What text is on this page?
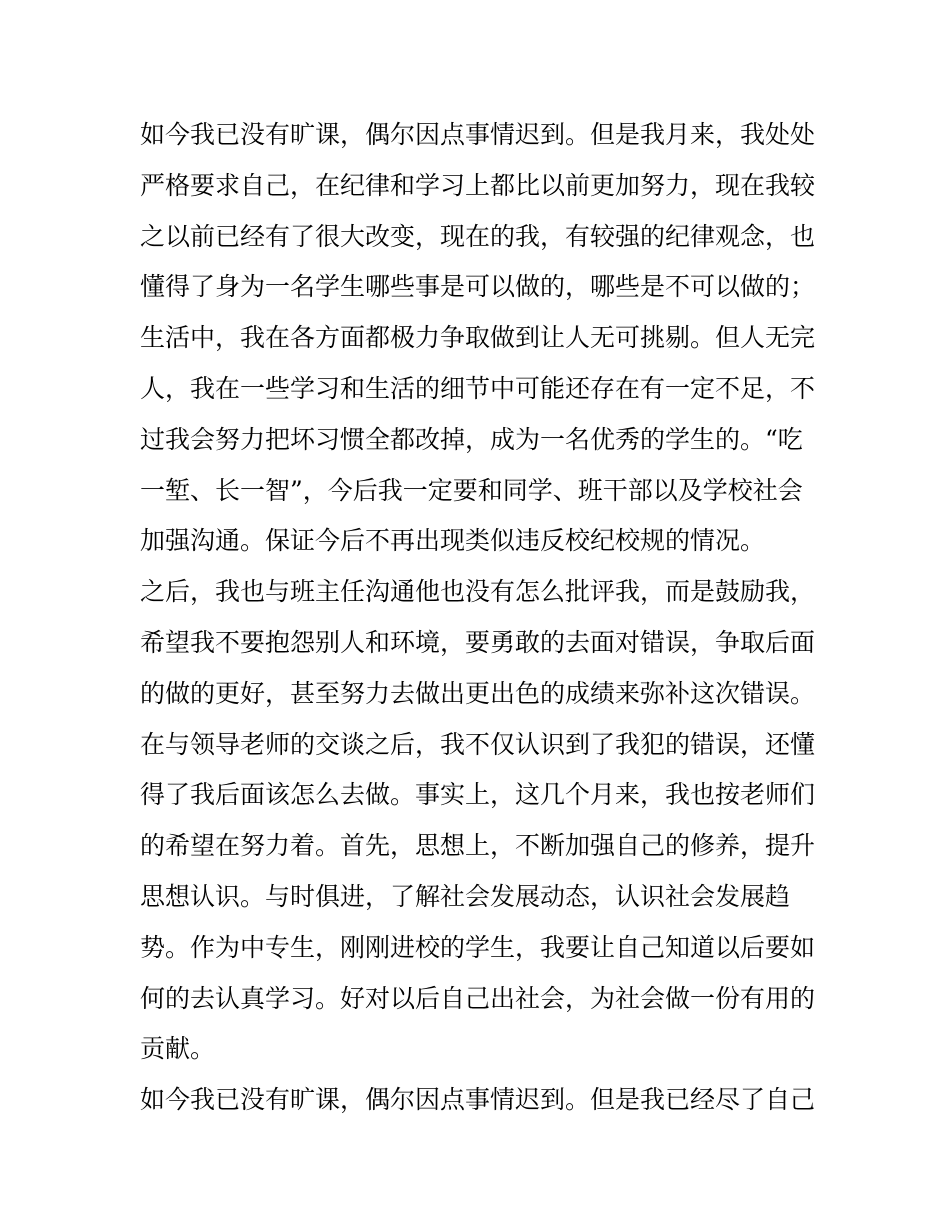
如今我已没有旷课，偶尔因点事情迟到。但是我月来，我处处
严格要求自己，在纪律和学习上都比以前更加努力，现在我较
之以前已经有了很大改变，现在的我，有较强的纪律观念，也
懂得了身为一名学生哪些事是可以做的，哪些是不可以做的；
生活中，我在各方面都极力争取做到让人无可挑剔。但人无完
人，我在一些学习和生活的细节中可能还存在有一定不足，不
过我会努力把坏习惯全都改掉，成为一名优秀的学生的。“吃
一堑、长一智”，今后我一定要和同学、班干部以及学校社会
加强沟通。保证今后不再出现类似违反校纪校规的情况。
之后，我也与班主任沟通他也没有怎么批评我，而是鼓励我，
希望我不要抱怨别人和环境，要勇敢的去面对错误，争取后面
的做的更好，甚至努力去做出更出色的成绩来弥补这次错误。
在与领导老师的交谈之后，我不仅认识到了我犯的错误，还懂
得了我后面该怎么去做。事实上，这几个月来，我也按老师们
的希望在努力着。首先，思想上，不断加强自己的修养，提升
思想认识。与时俱进，了解社会发展动态，认识社会发展趋
势。作为中专生，刚刚进校的学生，我要让自己知道以后要如
何的去认真学习。好对以后自己出社会，为社会做一份有用的
贡献。
如今我已没有旷课，偶尔因点事情迟到。但是我已经尽了自己
